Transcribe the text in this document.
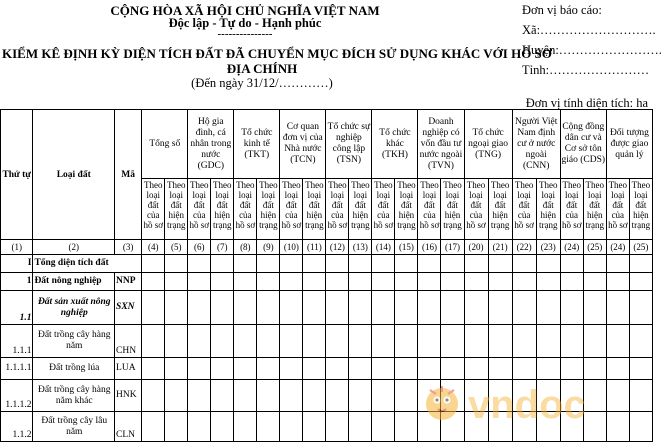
CỘNG HÒA XÃ HỘI CHỦ NGHĨA VIỆT NAM
Độc lập - Tự do - Hạnh phúc
---------------
KIỂM KÊ ĐỊNH KỲ DIỆN TÍCH ĐẤT ĐÃ CHUYỂN MỤC ĐÍCH SỬ DỤNG KHÁC VỚI HỒ SƠ
ĐỊA CHÍNH
(Đến ngày 31/12/…………)
Đơn vị báo cáo:
Xã:……………………….
Huyện:…………………….
Tỉnh:……………………
Đơn vị tính diện tích: ha
Thứ tự	Loại đất	Mã	Tổng số		Hộ gia đình, cá nhân trong nước (GDC)		Tổ chức kinh tế (TKT)		Cơ quan đơn vị của Nhà nước (TCN)		Tổ chức sự nghiệp công lập (TSN)		Tổ chức khác (TKH)		Doanh nghiệp có vốn đầu tư nước ngoài (TVN)		Tổ chức ngoại giao (TNG)		Người Việt Nam định cư ở nước ngoài (CNN)		Cộng đồng dân cư và Cơ sở tôn giáo (CDS)		Đối tượng được giao quản lý	
			Theo loại đất của hồ sơ	Theo loại đất hiện trạng	Theo loại đất của hồ sơ	Theo loại đất hiện trạng	Theo loại đất của hồ sơ	Theo loại đất hiện trạng	Theo loại đất của hồ sơ	Theo loại đất hiện trạng	Theo loại đất của hồ sơ	Theo loại đất hiện trạng	Theo loại đất của hồ sơ	Theo loại đất hiện trạng	Theo loại đất của hồ sơ	Theo loại đất hiện trạng	Theo loại đất của hồ sơ	Theo loại đất hiện trạng	Theo loại đất của hồ sơ	Theo loại đất hiện trạng	Theo loại đất của hồ sơ	Theo loại đất hiện trạng	Theo loại đất của hồ sơ	Theo loại đất hiện trạng
(1)	(2)	(3)	(4)	(5)	(6)	(7)	(8)	(9)	(10)	(11)	(12)	(13)	(14)	(15)	(16)	(17)	(20)	(21)	(22)	(23)	(24)	(25)	(24)	(25)
I	Tổng diện tích đất																							
1	Đất nông nghiệp	NNP																						
1.1	Đất sản xuất nông nghiệp	SXN																						
1.1.1	Đất trồng cây hàng năm	CHN																						
1.1.1.1	Đất trồng lúa	LUA																						
1.1.1.2	Đất trồng cây hàng năm khác	HNK																						
1.1.2	Đất trồng cây lâu năm	CLN																						
vndoc
